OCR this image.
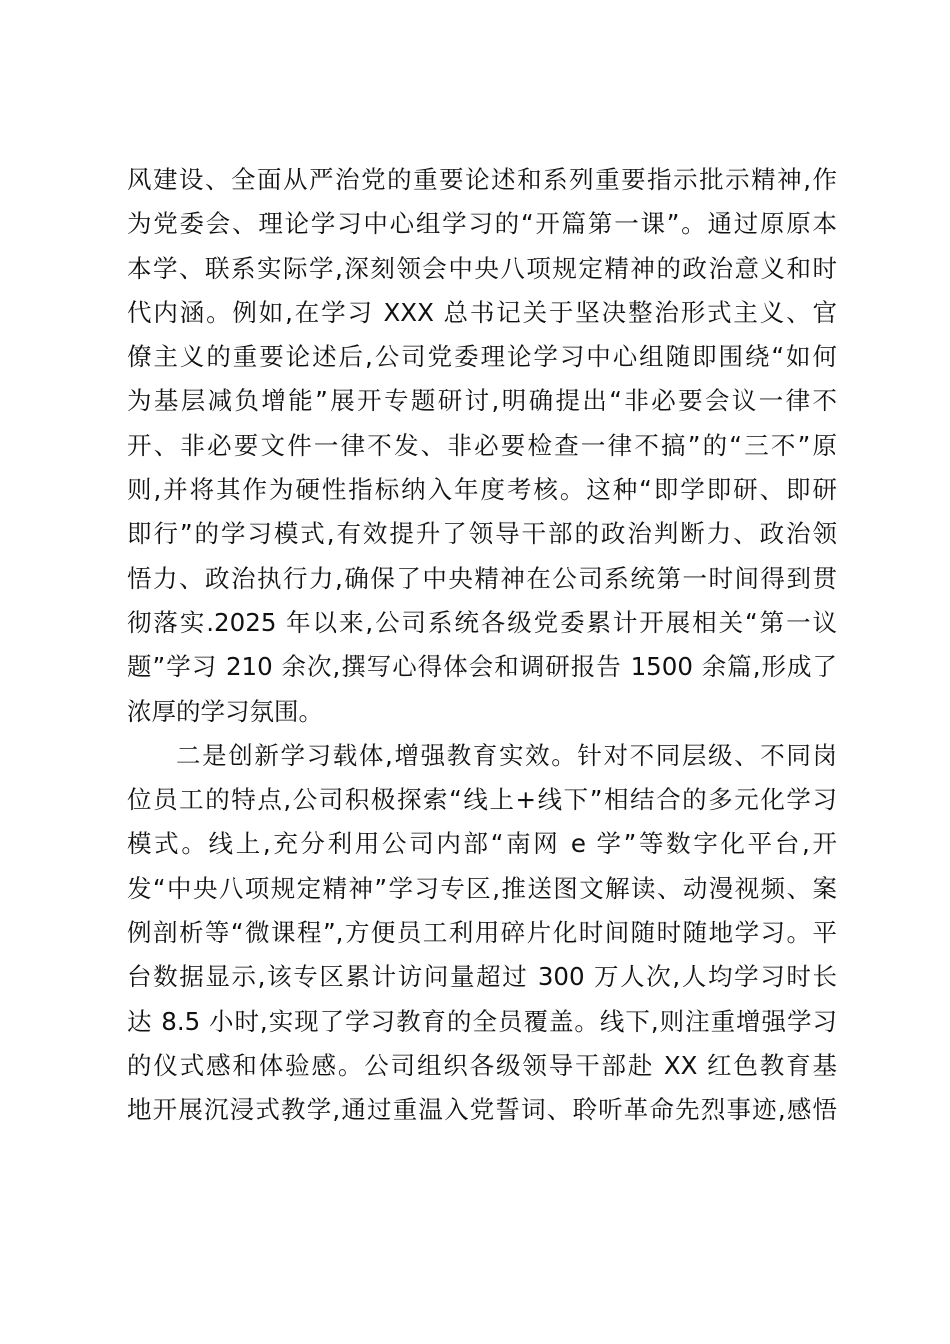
风建设、全面从严治党的重要论述和系列重要指示批示精神,作
为党委会、理论学习中心组学习的“开篇第一课”。通过原原本
本学、联系实际学,深刻领会中央八项规定精神的政治意义和时
代内涵。例如,在学习 XXX 总书记关于坚决整治形式主义、官
僚主义的重要论述后,公司党委理论学习中心组随即围绕“如何
为基层减负增能”展开专题研讨,明确提出“非必要会议一律不
开、非必要文件一律不发、非必要检查一律不搞”的“三不”原
则,并将其作为硬性指标纳入年度考核。这种“即学即研、即研
即行”的学习模式,有效提升了领导干部的政治判断力、政治领
悟力、政治执行力,确保了中央精神在公司系统第一时间得到贯
彻落实.2025 年以来,公司系统各级党委累计开展相关“第一议
题”学习 210 余次,撰写心得体会和调研报告 1500 余篇,形成了
浓厚的学习氛围。
二是创新学习载体,增强教育实效。针对不同层级、不同岗
位员工的特点,公司积极探索“线上+线下”相结合的多元化学习
模式。线上,充分利用公司内部“南网 e 学”等数字化平台,开
发“中央八项规定精神”学习专区,推送图文解读、动漫视频、案
例剖析等“微课程”,方便员工利用碎片化时间随时随地学习。平
台数据显示,该专区累计访问量超过 300 万人次,人均学习时长
达 8.5 小时,实现了学习教育的全员覆盖。线下,则注重增强学习
的仪式感和体验感。公司组织各级领导干部赴 XX 红色教育基
地开展沉浸式教学,通过重温入党誓词、聆听革命先烈事迹,感悟
